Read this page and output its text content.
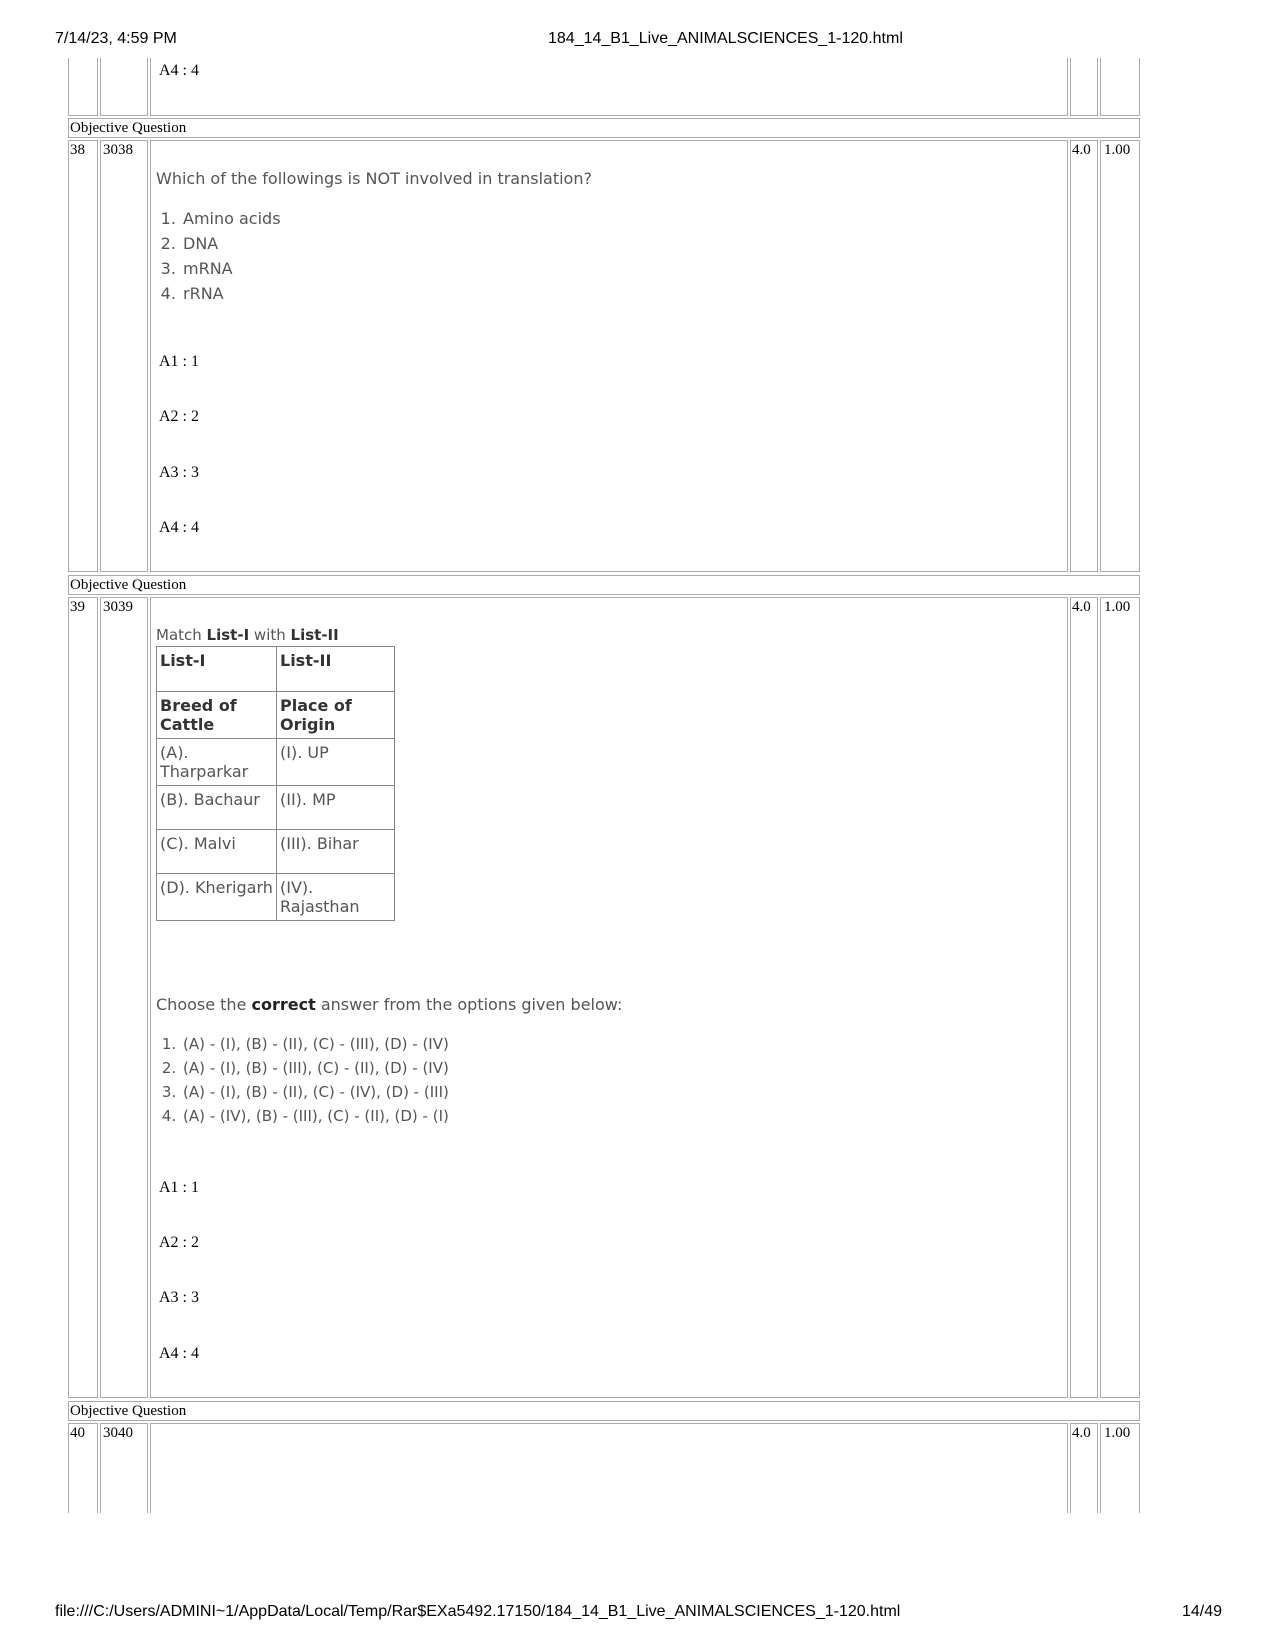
7/14/23, 4:59 PM	184_14_B1_Live_ANIMALSCIENCES_1-120.html
file:///C:/Users/ADMINI~1/AppData/Local/Temp/Rar$EXa5492.17150/184_14_B1_Live_ANIMALSCIENCES_1-120.html	14/49
A4 : 4
Objective Question
38 3038
Which of the followings is NOT involved in translation?
1. Amino acids
2. DNA
3. mRNA
4. rRNA
A1 : 1
A2 : 2
A3 : 3
A4 : 4
4.0 1.00
Objective Question
39 3039
Match List-I with List-II
List-I	List-II
Breed of Cattle	Place of Origin
(A). Tharparkar	(I). UP
(B). Bachaur	(II). MP
(C). Malvi	(III). Bihar
(D). Kherigarh	(IV). Rajasthan
Choose the correct answer from the options given below:
1. (A) - (I), (B) - (II), (C) - (III), (D) - (IV)
2. (A) - (I), (B) - (III), (C) - (II), (D) - (IV)
3. (A) - (I), (B) - (II), (C) - (IV), (D) - (III)
4. (A) - (IV), (B) - (III), (C) - (II), (D) - (I)
A1 : 1
A2 : 2
A3 : 3
A4 : 4
4.0 1.00
Objective Question
40 3040	4.0 1.00
